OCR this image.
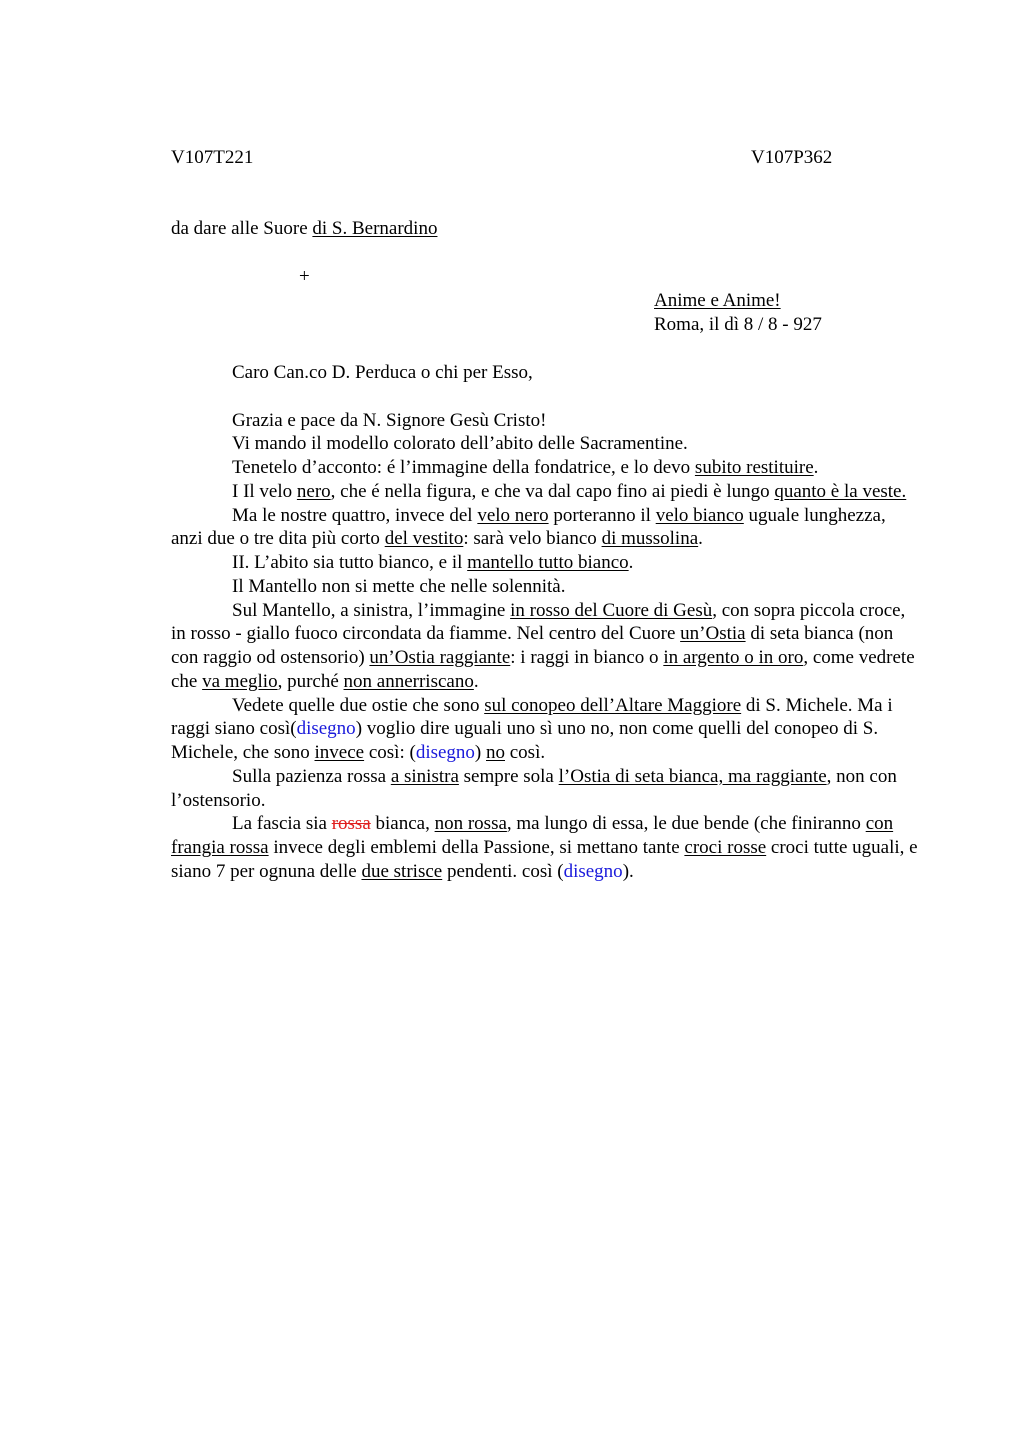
V107T221	V107P362
da dare alle Suore di S. Bernardino
+
Anime e Anime!
Roma, il dì 8 / 8 - 927

Caro Can.co D. Perduca o chi per Esso,

Grazia e pace da N. Signore Gesù Cristo!

Vi mando il modello colorato dell’abito delle Sacramentine.

Tenetelo d’acconto: é l’immagine della fondatrice, e lo devo subito restituire.

I Il velo nero, che é nella figura, e che va dal capo fino ai piedi è lungo quanto è la veste.

Ma le nostre quattro, invece del velo nero porteranno il velo bianco uguale lunghezza, anzi due o tre dita più corto del vestito: sarà velo bianco di mussolina.

II. L’abito sia tutto bianco, e il mantello tutto bianco.

Il Mantello non si mette che nelle solennità.

Sul Mantello, a sinistra, l’immagine in rosso del Cuore di Gesù, con sopra piccola croce, in rosso - giallo fuoco circondata da fiamme. Nel centro del Cuore un’Ostia di seta bianca (non con raggio od ostensorio) un’Ostia raggiante: i raggi in bianco o in argento o in oro, come vedrete che va meglio, purché non annerriscano.

Vedete quelle due ostie che sono sul conopeo dell’Altare Maggiore di S. Michele. Ma i raggi siano così(disegno) voglio dire uguali uno sì uno no, non come quelli del conopeo di S. Michele, che sono invece così: (disegno) no così.

Sulla pazienza rossa a sinistra sempre sola l’Ostia di seta bianca, ma raggiante, non con l’ostensorio.

La fascia sia rossa bianca, non rossa, ma lungo di essa, le due bende (che finiranno con frangia rossa invece degli emblemi della Passione, si mettano tante croci rosse croci tutte uguali, e siano 7 per ognuna delle due strisce pendenti. così (disegno).
